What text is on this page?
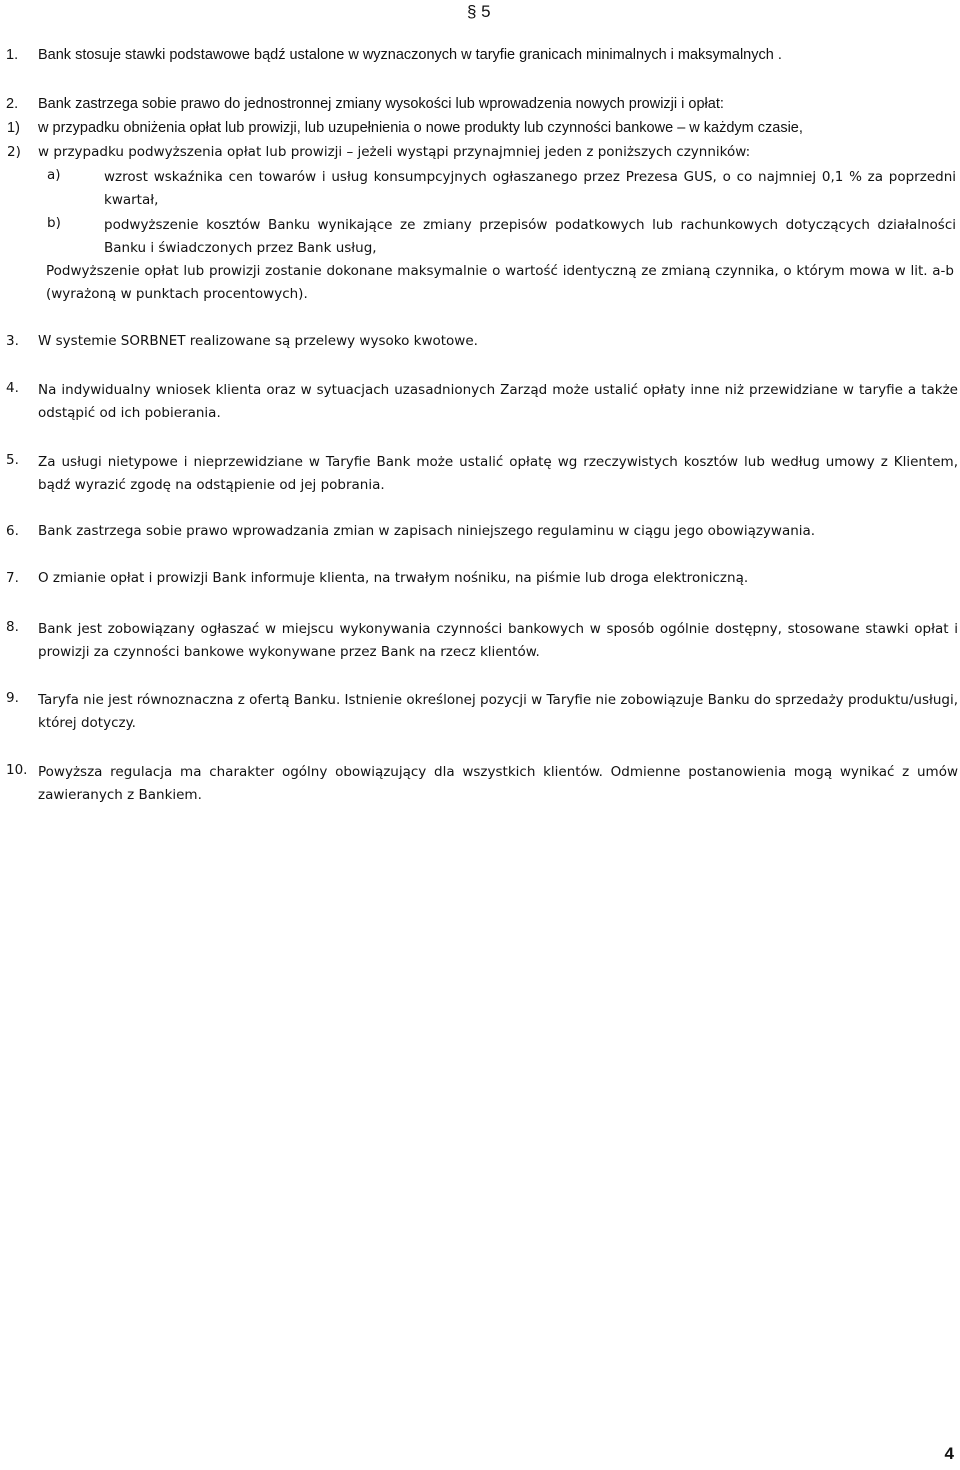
§ 5
1. Bank stosuje stawki podstawowe bądź ustalone w wyznaczonych w taryfie granicach minimalnych i maksymalnych .
2. Bank zastrzega sobie prawo do jednostronnej zmiany wysokości lub wprowadzenia nowych prowizji i opłat:
1) w przypadku obniżenia opłat lub prowizji, lub uzupełnienia o nowe produkty lub czynności bankowe – w każdym czasie,
2) w przypadku podwyższenia opłat lub prowizji – jeżeli wystąpi przynajmniej jeden z poniższych czynników:
a)	wzrost wskaźnika cen towarów i usług konsumpcyjnych ogłaszanego przez Prezesa GUS, o co najmniej 0,1 % za poprzedni kwartał,
b)	podwyższenie kosztów Banku wynikające ze zmiany przepisów podatkowych lub rachunkowych dotyczących działalności Banku i świadczonych przez Bank usług,
Podwyższenie opłat lub prowizji zostanie dokonane maksymalnie o wartość identyczną ze zmianą czynnika, o którym mowa w lit. a-b (wyrażoną w punktach procentowych).
3. W systemie SORBNET realizowane są przelewy wysoko kwotowe.
4. Na indywidualny wniosek klienta oraz w sytuacjach uzasadnionych Zarząd może ustalić opłaty inne niż przewidziane w taryfie a także odstąpić od ich pobierania.
5. Za usługi nietypowe i nieprzewidziane w Taryfie Bank może ustalić opłatę wg rzeczywistych kosztów lub według umowy z Klientem, bądź wyrazić zgodę na odstąpienie od jej pobrania.
6. Bank zastrzega sobie prawo wprowadzania zmian w zapisach niniejszego regulaminu w ciągu jego obowiązywania.
7. O zmianie opłat i prowizji Bank informuje klienta, na trwałym nośniku, na piśmie lub droga elektroniczną.
8. Bank jest zobowiązany ogłaszać w miejscu wykonywania czynności bankowych w sposób ogólnie dostępny, stosowane stawki opłat i prowizji za czynności bankowe wykonywane przez Bank na rzecz klientów.
9. Taryfa nie jest równoznaczna z ofertą Banku. Istnienie określonej pozycji w Taryfie nie zobowiązuje Banku do sprzedaży produktu/usługi, której dotyczy.
10. Powyższa regulacja ma charakter ogólny obowiązujący dla wszystkich klientów. Odmienne postanowienia mogą wynikać z umów zawieranych z Bankiem.
4
